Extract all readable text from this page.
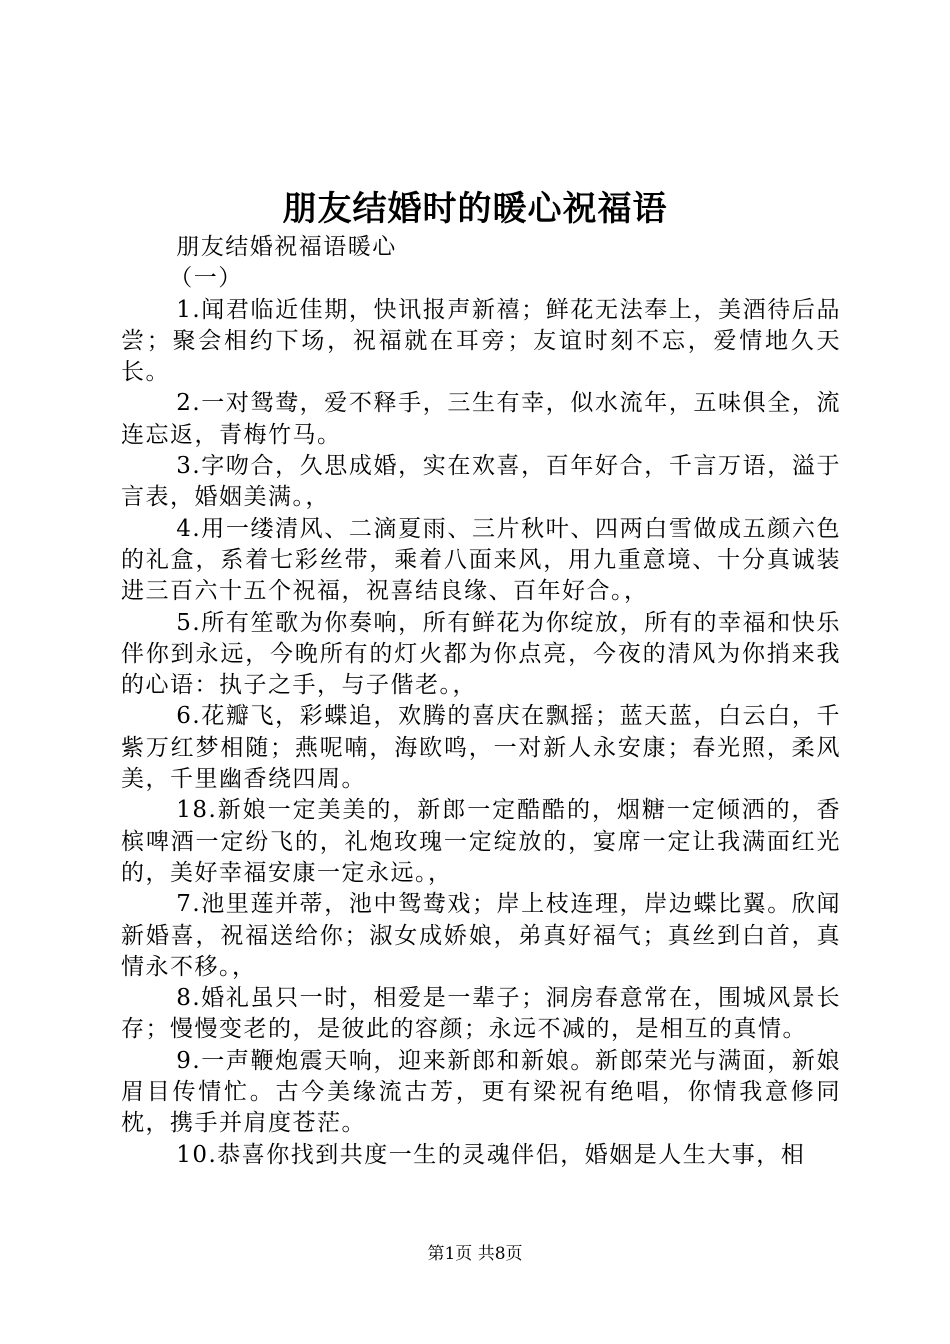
朋友结婚时的暖心祝福语

朋友结婚祝福语暖心

（一）

1.闻君临近佳期，快讯报声新禧；鲜花无法奉上，美酒待后品尝；聚会相约下场，祝福就在耳旁；友谊时刻不忘，爱情地久天长。

2.一对鸳鸯，爱不释手，三生有幸，似水流年，五味俱全，流连忘返，青梅竹马。

3.字吻合，久思成婚，实在欢喜，百年好合，千言万语，溢于言表，婚姻美满。，

4.用一缕清风、二滴夏雨、三片秋叶、四两白雪做成五颜六色的礼盒，系着七彩丝带，乘着八面来风，用九重意境、十分真诚装进三百六十五个祝福，祝喜结良缘、百年好合。，

5.所有笙歌为你奏响，所有鲜花为你绽放，所有的幸福和快乐伴你到永远，今晚所有的灯火都为你点亮，今夜的清风为你捎来我的心语：执子之手，与子偕老。，

6.花瓣飞，彩蝶追，欢腾的喜庆在飘摇；蓝天蓝，白云白，千紫万红梦相随；燕呢喃，海欧鸣，一对新人永安康；春光照，柔风美，千里幽香绕四周。

18.新娘一定美美的，新郎一定酷酷的，烟糖一定倾洒的，香槟啤酒一定纷飞的，礼炮玫瑰一定绽放的，宴席一定让我满面红光的，美好幸福安康一定永远。，

7.池里莲并蒂，池中鸳鸯戏；岸上枝连理，岸边蝶比翼。欣闻新婚喜，祝福送给你；淑女成娇娘，弟真好福气；真丝到白首，真情永不移。，

8.婚礼虽只一时，相爱是一辈子；洞房春意常在，围城风景长存；慢慢变老的，是彼此的容颜；永远不减的，是相互的真情。

9.一声鞭炮震天响，迎来新郎和新娘。新郎荣光与满面，新娘眉目传情忙。古今美缘流古芳，更有梁祝有绝唱，你情我意修同枕，携手并肩度苍茫。

10.恭喜你找到共度一生的灵魂伴侣，婚姻是人生大事，相

第1页 共8页
